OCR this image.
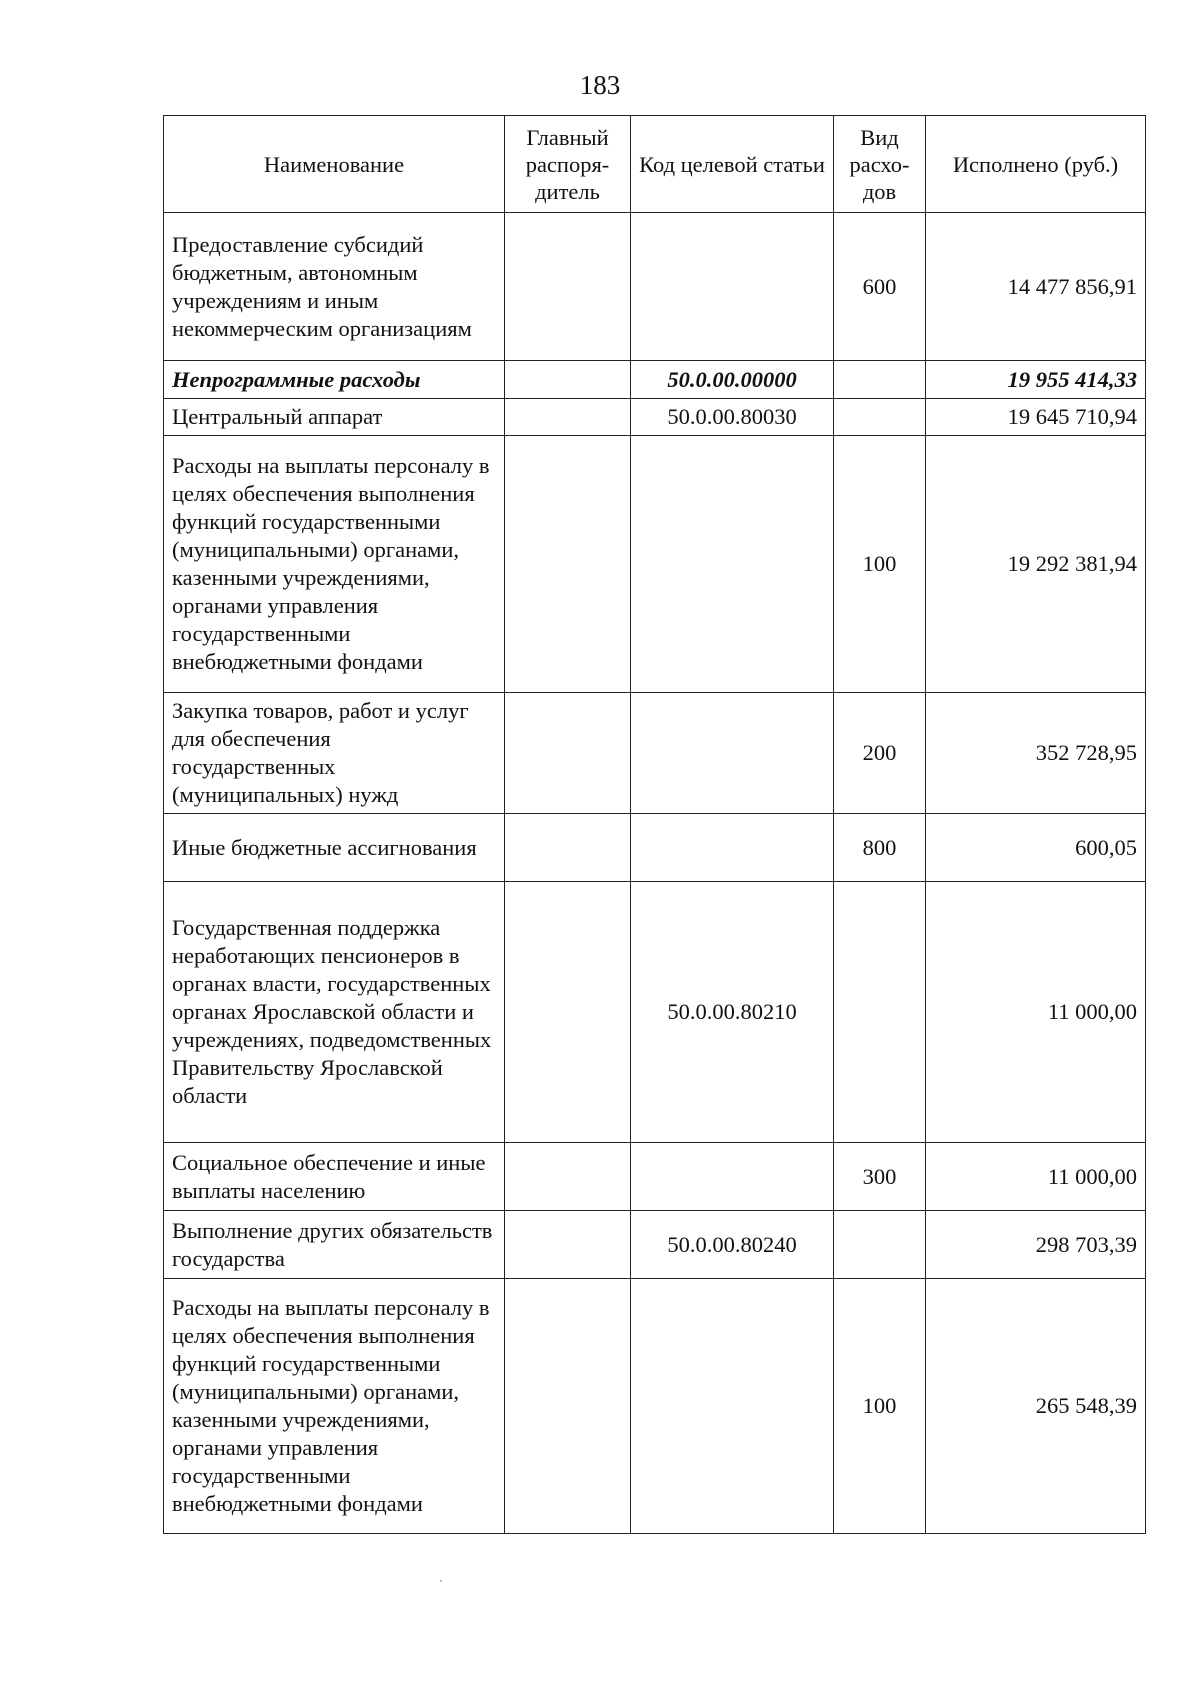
183
Наименование	Главный распоря-дитель	Код целевой статьи	Вид расхо-дов	Исполнено (руб.)
Предоставление субсидий бюджетным, автономным учреждениям и иным некоммерческим организациям			600	14 477 856,91
Непрограммные расходы		50.0.00.00000		19 955 414,33
Центральный аппарат		50.0.00.80030		19 645 710,94
Расходы на выплаты персоналу в целях обеспечения выполнения функций государственными (муниципальными) органами, казенными учреждениями, органами управления государственными внебюджетными фондами			100	19 292 381,94
Закупка товаров, работ и услуг для обеспечения государственных (муниципальных) нужд			200	352 728,95
Иные бюджетные ассигнования			800	600,05
Государственная поддержка неработающих пенсионеров в органах власти, государственных органах Ярославской области и учреждениях, подведомственных Правительству Ярославской области		50.0.00.80210		11 000,00
Социальное обеспечение и иные выплаты населению			300	11 000,00
Выполнение других обязательств государства		50.0.00.80240		298 703,39
Расходы на выплаты персоналу в целях обеспечения выполнения функций государственными (муниципальными) органами, казенными учреждениями, органами управления государственными внебюджетными фондами			100	265 548,39
